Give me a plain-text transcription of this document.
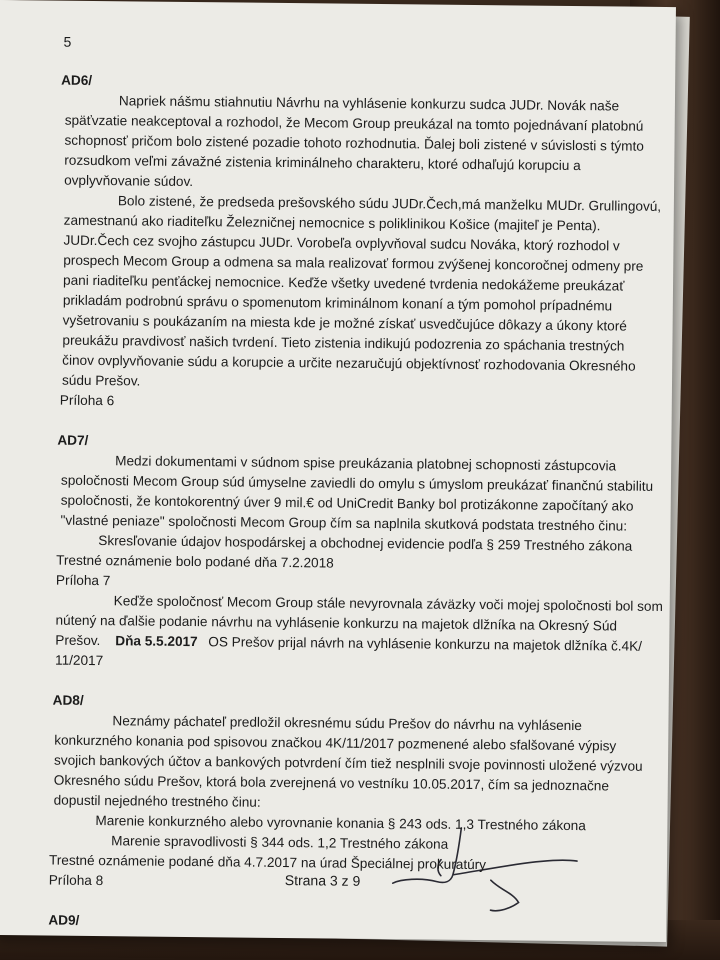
5
Strana 3 z 9
AD6/
Napriek nášmu stiahnutiu Návrhu na vyhlásenie konkurzu sudca JUDr. Novák naše
späťvzatie neakceptoval a rozhodol, že Mecom Group preukázal na tomto pojednávaní platobnú
schopnosť pričom bolo zistené pozadie tohoto rozhodnutia. Ďalej boli zistené v súvislosti s týmto
rozsudkom veľmi závažné zistenia kriminálneho charakteru, ktoré odhaľujú korupciu a
ovplyvňovanie súdov.
Bolo zistené, že predseda prešovského súdu JUDr.Čech,má manželku MUDr. Grullingovú,
zamestnanú ako riaditeľku Železničnej nemocnice s poliklinikou Košice (majiteľ je Penta).
JUDr.Čech cez svojho zástupcu JUDr. Vorobeľa ovplyvňoval sudcu Nováka, ktorý rozhodol v
prospech Mecom Group a odmena sa mala realizovať formou zvýšenej koncoročnej odmeny pre
pani riaditeľku penťáckej nemocnice. Keďže všetky uvedené tvrdenia nedokážeme preukázať
prikladám podrobnú správu o spomenutom kriminálnom konaní a tým pomohol prípadnému
vyšetrovaniu s poukázaním na miesta kde je možné získať usvedčujúce dôkazy a úkony ktoré
preukážu pravdivosť našich tvrdení. Tieto zistenia indikujú podozrenia zo spáchania trestných
činov ovplyvňovanie súdu a korupcie a určite nezaručujú objektívnosť rozhodovania Okresného
súdu Prešov.
Príloha 6
AD7/
Medzi dokumentami v súdnom spise preukázania platobnej schopnosti zástupcovia
spoločnosti Mecom Group súd úmyselne zaviedli do omylu s úmyslom preukázať finančnú stabilitu
spoločnosti, že kontokorentný úver 9 mil.€ od UniCredit Banky bol protizákonne započítaný ako
"vlastné peniaze" spoločnosti Mecom Group čím sa naplnila skutková podstata trestného činu:
Skresľovanie údajov hospodárskej a obchodnej evidencie podľa § 259 Trestného zákona
Trestné oznámenie bolo podané dňa 7.2.2018
Príloha 7
Keďže spoločnosť Mecom Group stále nevyrovnala záväzky voči mojej spoločnosti bol som
nútený na ďalšie podanie návrhu na vyhlásenie konkurzu na majetok dlžníka na Okresný Súd
Prešov. Dňa 5.5.2017 OS Prešov prijal návrh na vyhlásenie konkurzu na majetok dlžníka č.4K/
11/2017
AD8/
Neznámy páchateľ predložil okresnému súdu Prešov do návrhu na vyhlásenie
konkurzného konania pod spisovou značkou 4K/11/2017 pozmenené alebo sfalšované výpisy
svojich bankových účtov a bankových potvrdení čím tiež nesplnili svoje povinnosti uložené výzvou
Okresného súdu Prešov, ktorá bola zverejnená vo vestníku 10.05.2017, čím sa jednoznačne
dopustil nejedného trestného činu:
Marenie konkurzného alebo vyrovnanie konania § 243 ods. 1,3 Trestného zákona
Marenie spravodlivosti § 344 ods. 1,2 Trestného zákona
Trestné oznámenie podané dňa 4.7.2017 na úrad Špeciálnej prokuratúry
Príloha 8
AD9/
